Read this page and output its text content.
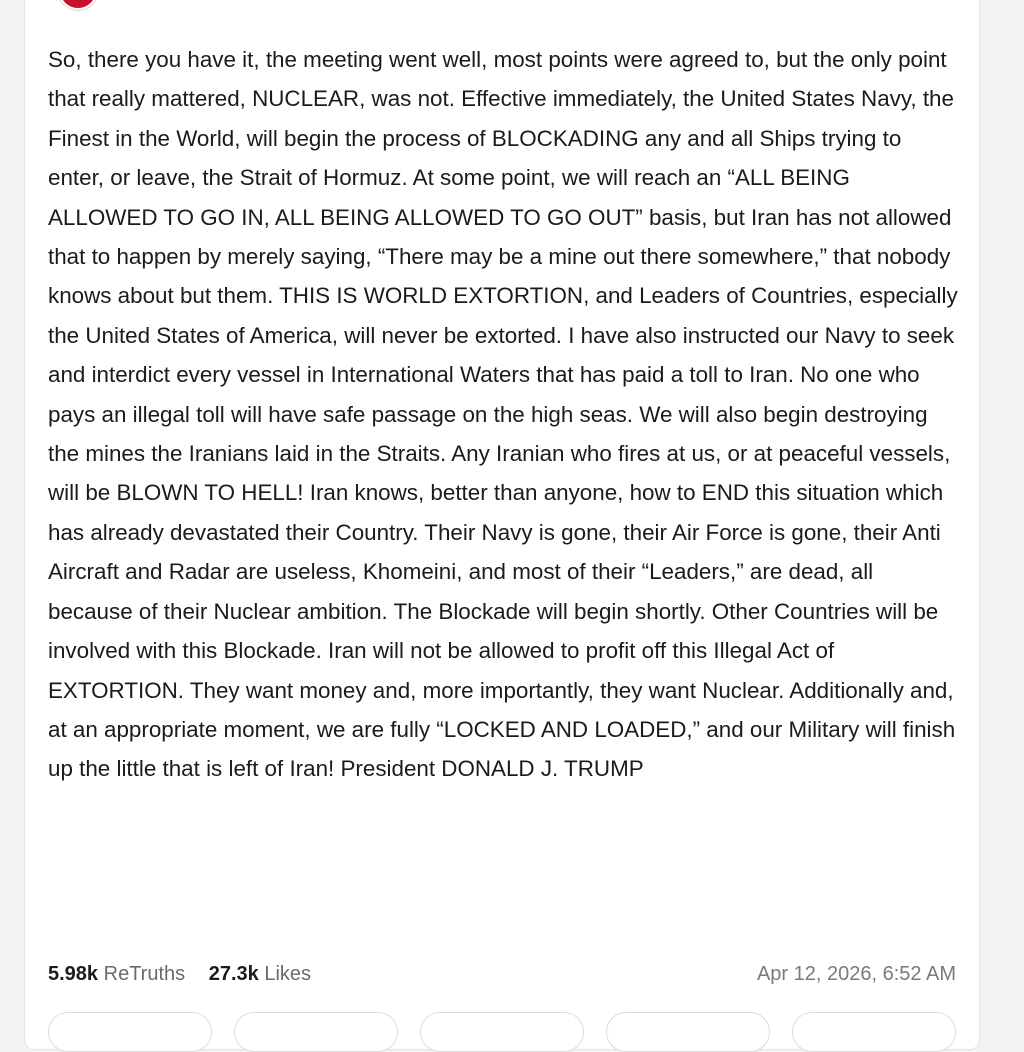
So, there you have it, the meeting went well, most points were agreed to, but the only point that really mattered, NUCLEAR, was not. Effective immediately, the United States Navy, the Finest in the World, will begin the process of BLOCKADING any and all Ships trying to enter, or leave, the Strait of Hormuz. At some point, we will reach an “ALL BEING ALLOWED TO GO IN, ALL BEING ALLOWED TO GO OUT” basis, but Iran has not allowed that to happen by merely saying, “There may be a mine out there somewhere,” that nobody knows about but them. THIS IS WORLD EXTORTION, and Leaders of Countries, especially the United States of America, will never be extorted. I have also instructed our Navy to seek and interdict every vessel in International Waters that has paid a toll to Iran. No one who pays an illegal toll will have safe passage on the high seas. We will also begin destroying the mines the Iranians laid in the Straits. Any Iranian who fires at us, or at peaceful vessels, will be BLOWN TO HELL! Iran knows, better than anyone, how to END this situation which has already devastated their Country. Their Navy is gone, their Air Force is gone, their Anti Aircraft and Radar are useless, Khomeini, and most of their “Leaders,” are dead, all because of their Nuclear ambition. The Blockade will begin shortly. Other Countries will be involved with this Blockade. Iran will not be allowed to profit off this Illegal Act of EXTORTION. They want money and, more importantly, they want Nuclear. Additionally and, at an appropriate moment, we are fully “LOCKED AND LOADED,” and our Military will finish up the little that is left of Iran! President DONALD J. TRUMP

5.98k ReTruths 27.3k Likes	Apr 12, 2026, 6:52 AM
